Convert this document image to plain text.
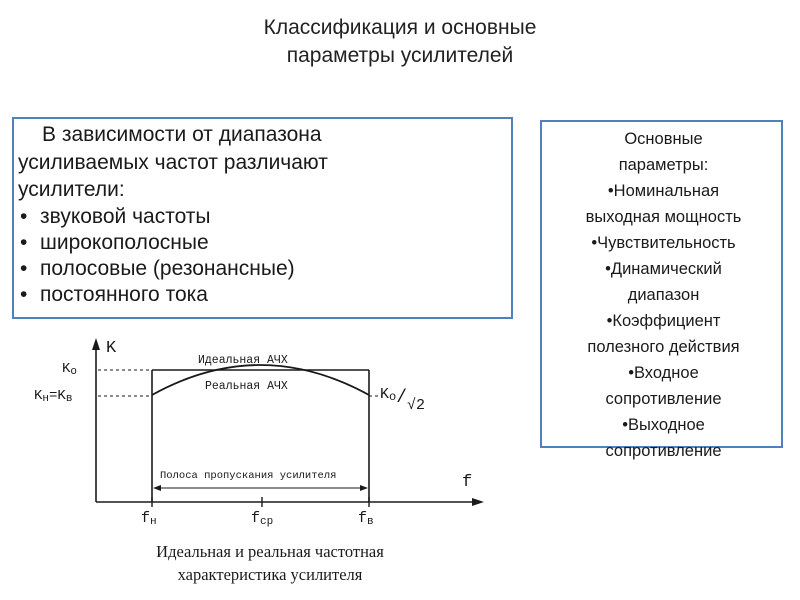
Классификация и основные
параметры усилителей
В зависимости от диапазона
усиливаемых частот различают
усилители:
• звуковой частоты
• широкополосные
• полосовые (резонансные)
• постоянного тока
Основные
параметры:
•Номинальная
выходная мощность
•Чувствительность
•Динамический
диапазон
•Коэффициент
полезного действия
•Входное
сопротивление
•Выходное
сопротивление
K
f
Ko
Kн=Kв	Ko/√2
Идеальная АЧХ
Реальная АЧХ
Полоса пропускания усилителя
fн	fср	fв
Идеальная и реальная частотная
характеристика усилителя
